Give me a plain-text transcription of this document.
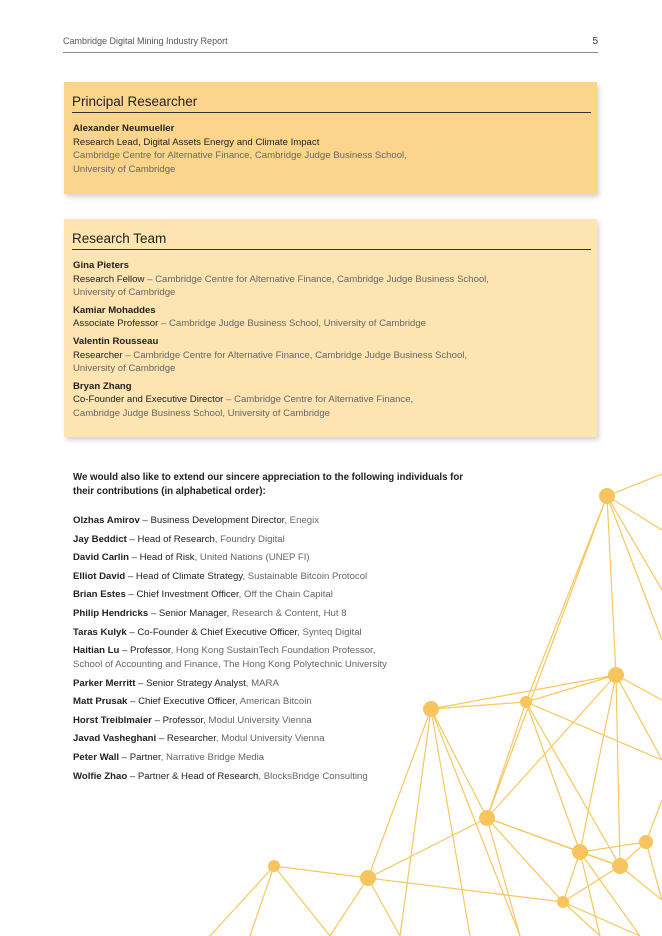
Cambridge Digital Mining Industry Report	5
Principal Researcher
Alexander Neumueller
Research Lead, Digital Assets Energy and Climate Impact
Cambridge Centre for Alternative Finance, Cambridge Judge Business School,
University of Cambridge
Research Team
Gina Pieters
Research Fellow – Cambridge Centre for Alternative Finance, Cambridge Judge Business School,
University of Cambridge
Kamiar Mohaddes
Associate Professor – Cambridge Judge Business School, University of Cambridge
Valentin Rousseau
Researcher – Cambridge Centre for Alternative Finance, Cambridge Judge Business School,
University of Cambridge
Bryan Zhang
Co-Founder and Executive Director – Cambridge Centre for Alternative Finance,
Cambridge Judge Business School, University of Cambridge
We would also like to extend our sincere appreciation to the following individuals for
their contributions (in alphabetical order):
Olzhas Amirov – Business Development Director, Enegix
Jay Beddict – Head of Research, Foundry Digital
David Carlin – Head of Risk, United Nations (UNEP FI)
Elliot David – Head of Climate Strategy, Sustainable Bitcoin Protocol
Brian Estes – Chief Investment Officer, Off the Chain Capital
Philip Hendricks – Senior Manager, Research & Content, Hut 8
Taras Kulyk – Co-Founder & Chief Executive Officer, Synteq Digital
Haitian Lu – Professor, Hong Kong SustainTech Foundation Professor,
School of Accounting and Finance, The Hong Kong Polytechnic University
Parker Merritt – Senior Strategy Analyst, MARA
Matt Prusak – Chief Executive Officer, American Bitcoin
Horst Treiblmaier – Professor, Modul University Vienna
Javad Vasheghani – Researcher, Modul University Vienna
Peter Wall – Partner, Narrative Bridge Media
Wolfie Zhao – Partner & Head of Research, BlocksBridge Consulting
